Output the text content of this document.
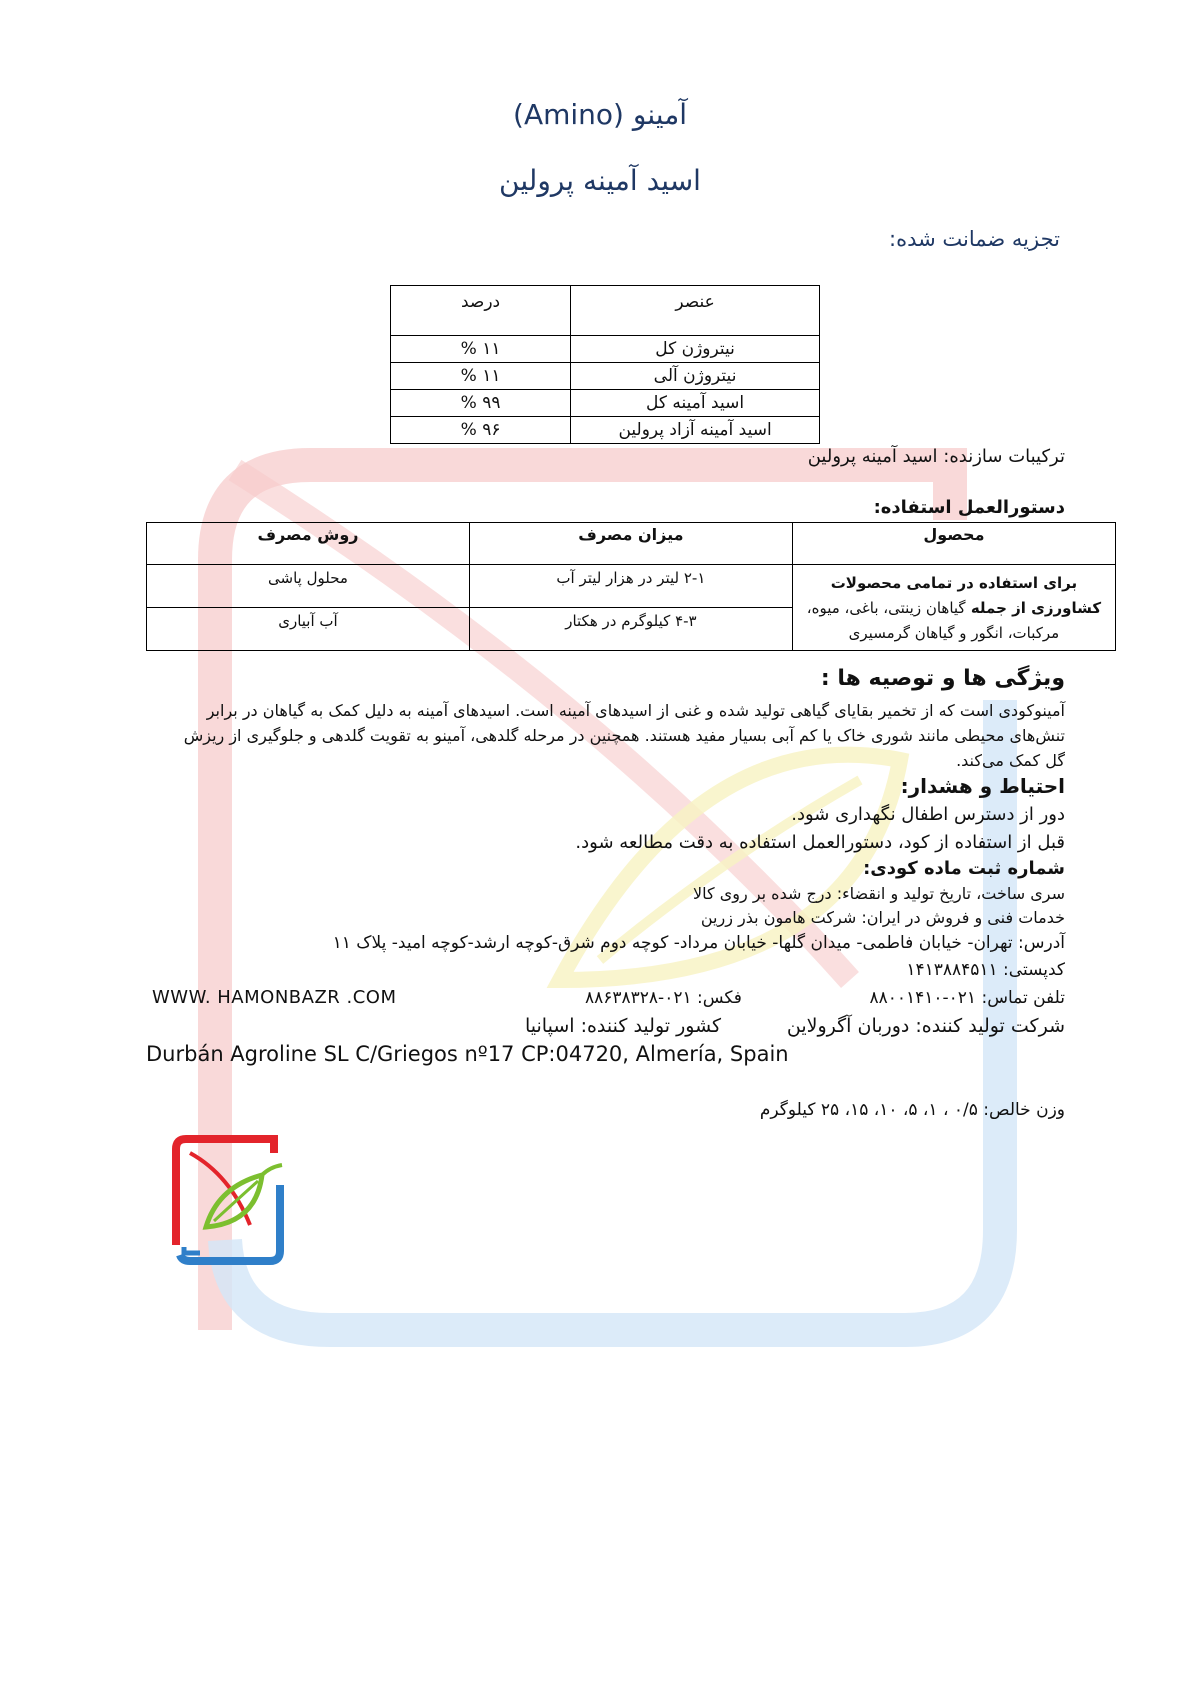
آمینو (Amino)
اسید آمینه پرولین
تجزیه ضمانت شده:
عنصر	درصد
نیتروژن کل	۱۱ %
نیتروژن آلی	۱۱ %
اسید آمینه کل	۹۹ %
اسید آمینه آزاد پرولین	۹۶ %
ترکیبات سازنده: اسید آمینه پرولین
دستورالعمل استفاده:
محصول	میزان مصرف	روش مصرف
برای استفاده در تمامی محصولات کشاورزی از جمله گیاهان زینتی، باغی، میوه، مرکبات، انگور و گیاهان گرمسیری	۲-۱ لیتر در هزار لیتر آب	محلول پاشی
	۴-۳ کیلوگرم در هکتار	آب آبیاری
ویژگی ها و توصیه ها :
آمینوکودی است که از تخمیر بقایای گیاهی تولید شده و غنی از اسیدهای آمینه است. اسیدهای آمینه به دلیل کمک به گیاهان در برابر تنش‌های محیطی مانند شوری خاک یا کم آبی بسیار مفید هستند. همچنین در مرحله گلدهی، آمینو به تقویت گلدهی و جلوگیری از ریزش گل کمک می‌کند.
احتیاط و هشدار:
دور از دسترس اطفال نگهداری شود.
قبل از استفاده از کود، دستورالعمل استفاده به دقت مطالعه شود.
شماره ثبت ماده کودی:
سری ساخت، تاریخ تولید و انقضاء: درج شده بر روی کالا
خدمات فنی و فروش در ایران: شرکت هامون بذر زرین
آدرس: تهران- خیابان فاطمی- میدان گلها- خیابان مرداد- کوچه دوم شرق-کوچه ارشد-کوچه امید- پلاک ۱۱
کدپستی: ۱۴۱۳۸۸۴۵۱۱
تلفن تماس: ۰۲۱-۸۸۰۰۱۴۱۰
فکس: ۰۲۱-۸۸۶۳۸۳۲۸
WWW. HAMONBAZR .COM
شرکت تولید کننده: دوربان آگرولاین
کشور تولید کننده: اسپانیا
Durbán Agroline SL C/Griegos nº17 CP:04720, Almería, Spain
وزن خالص: ۰/۵ ، ۱، ۵، ۱۰، ۱۵، ۲۵ کیلوگرم
